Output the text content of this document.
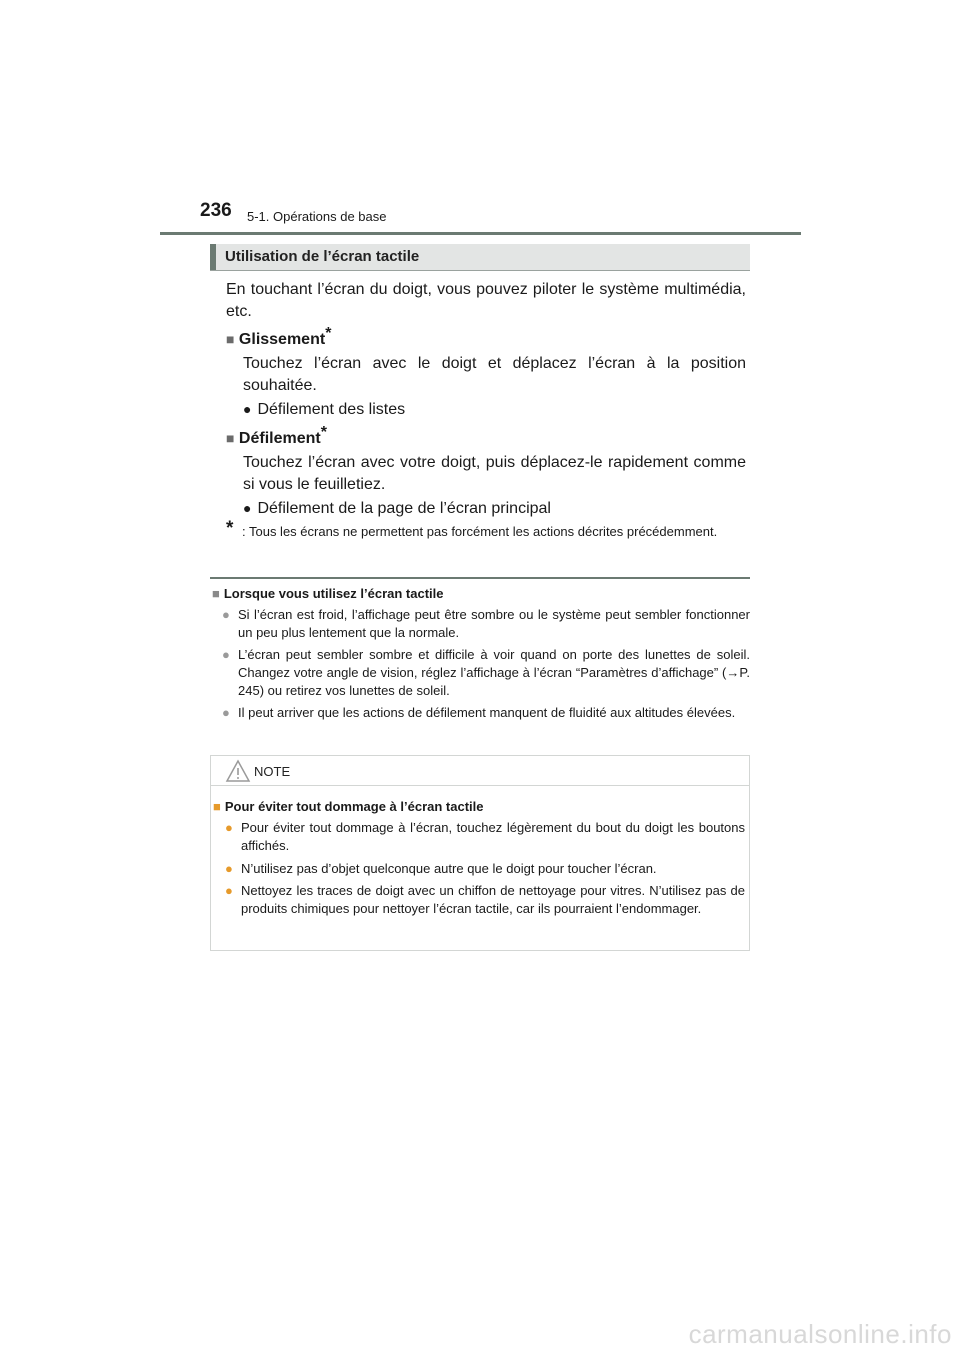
236 5-1. Opérations de base
Utilisation de l’écran tactile
En touchant l’écran du doigt, vous pouvez piloter le système multimédia, etc.
■ Glissement*
Touchez l’écran avec le doigt et déplacez l’écran à la position souhaitée.
● Défilement des listes
■ Défilement*
Touchez l’écran avec votre doigt, puis déplacez-le rapidement comme si vous le feuilletiez.
● Défilement de la page de l’écran principal
* : Tous les écrans ne permettent pas forcément les actions décrites précédemment.
■ Lorsque vous utilisez l’écran tactile
● Si l’écran est froid, l’affichage peut être sombre ou le système peut sembler fonctionner un peu plus lentement que la normale.
● L’écran peut sembler sombre et difficile à voir quand on porte des lunettes de soleil. Changez votre angle de vision, réglez l’affichage à l’écran “Paramètres d’affichage” (→P. 245) ou retirez vos lunettes de soleil.
● Il peut arriver que les actions de défilement manquent de fluidité aux altitudes élevées.
NOTE
■ Pour éviter tout dommage à l’écran tactile
● Pour éviter tout dommage à l’écran, touchez légèrement du bout du doigt les boutons affichés.
● N’utilisez pas d’objet quelconque autre que le doigt pour toucher l’écran.
● Nettoyez les traces de doigt avec un chiffon de nettoyage pour vitres. N’utilisez pas de produits chimiques pour nettoyer l’écran tactile, car ils pourraient l’endommager.
carmanualsonline.info
